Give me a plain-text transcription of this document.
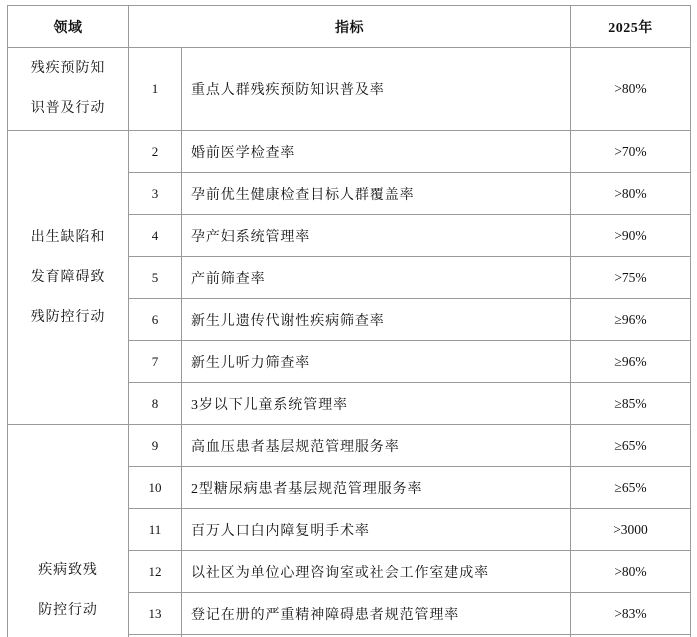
领域	指标		2025年

残疾预防知
识普及行动	1	重点人群残疾预防知识普及率	>80%

出生缺陷和
发育障碍致
残防控行动	2	婚前医学检查率	>70%
	3	孕前优生健康检查目标人群覆盖率	>80%
	4	孕产妇系统管理率	>90%
	5	产前筛查率	>75%
	6	新生儿遗传代谢性疾病筛查率	≥96%
	7	新生儿听力筛查率	≥96%
	8	3岁以下儿童系统管理率	≥85%

疾病致残
防控行动	9	高血压患者基层规范管理服务率	≥65%
	10	2型糖尿病患者基层规范管理服务率	≥65%
	11	百万人口白内障复明手术率	>3000
	12	以社区为单位心理咨询室或社会工作室建成率	>80%
	13	登记在册的严重精神障碍患者规范管理率	>83%
